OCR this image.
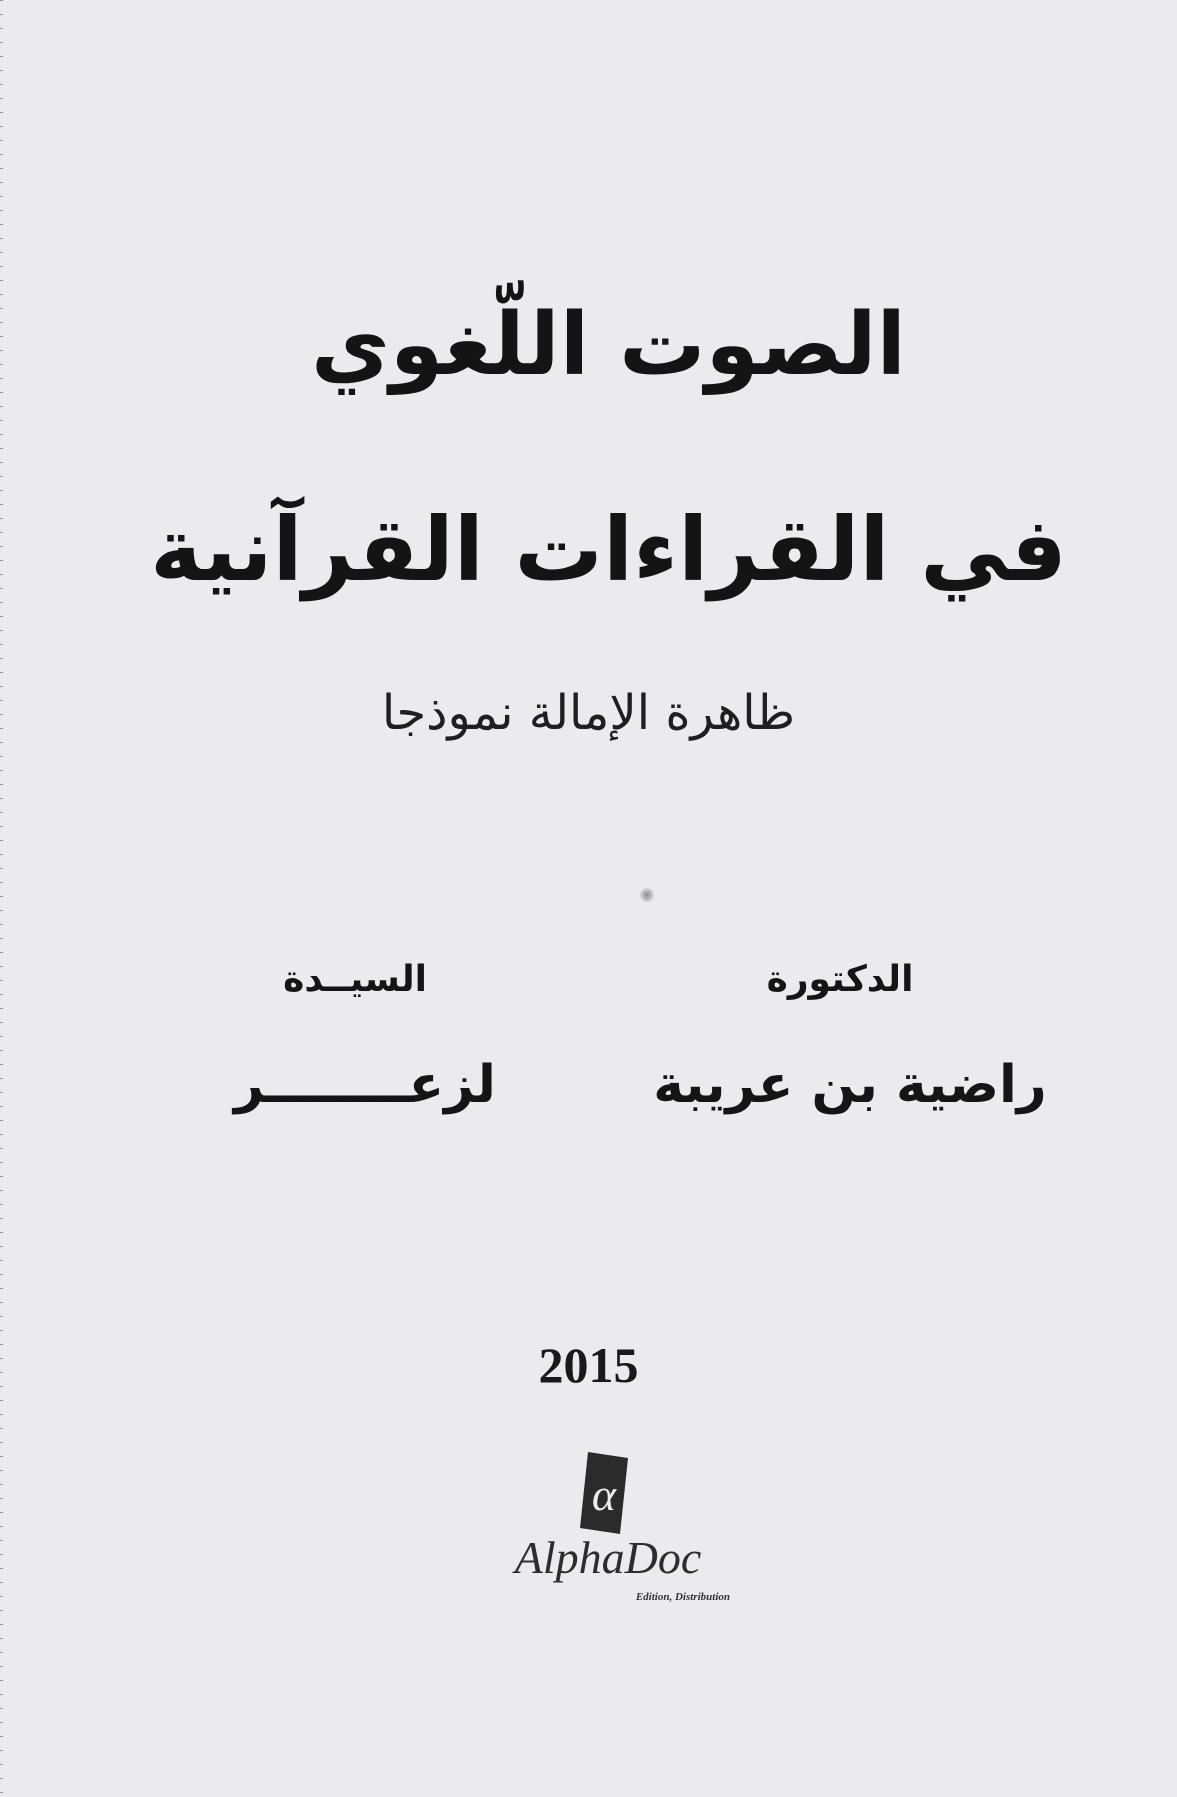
الصوت اللّغوي
في القراءات القرآنية
ظاهرة الإمالة نموذجا
الدكتورة
راضية بن عريبة
السيــدة
لزعــــــــر
2015
α
AlphaDoc
Edition, Distribution
